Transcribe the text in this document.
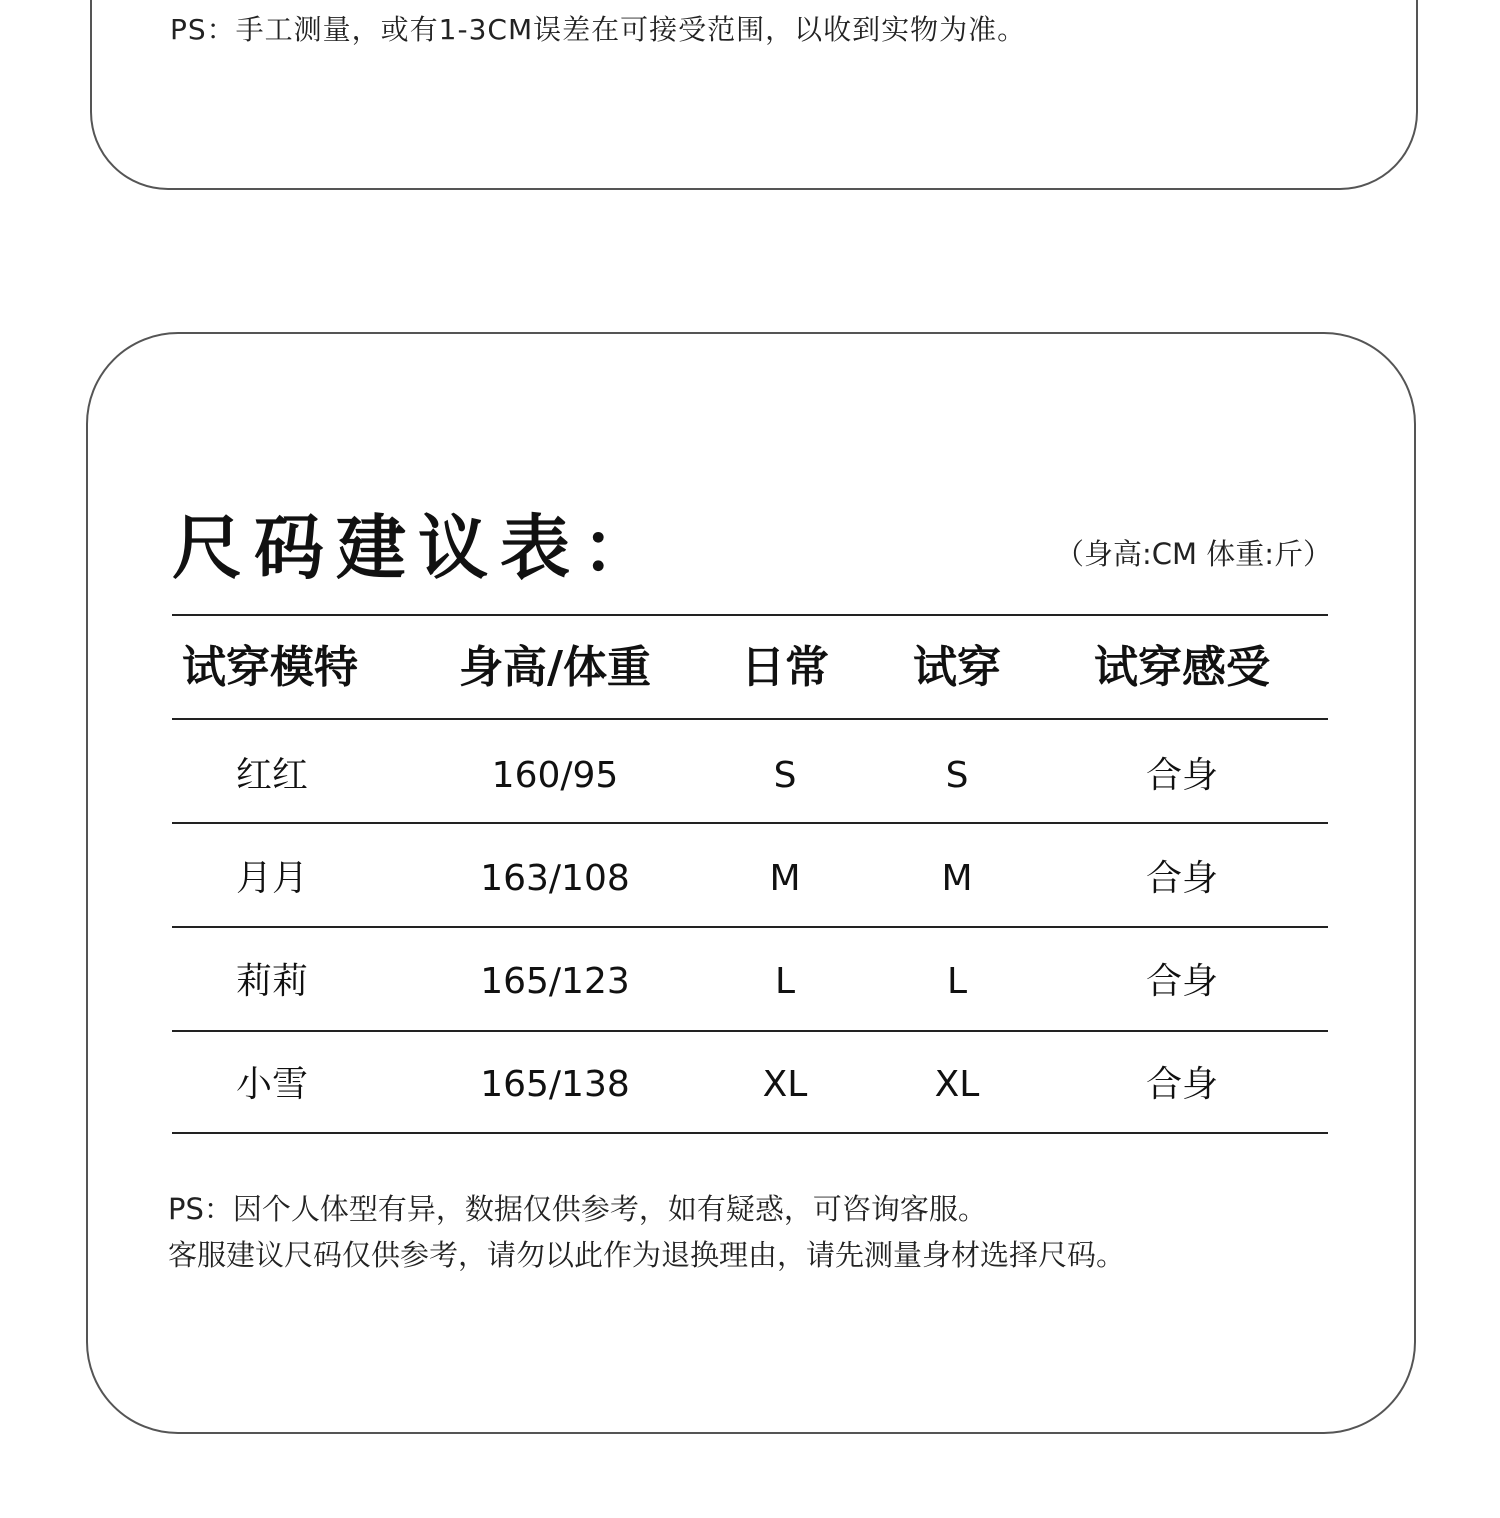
PS：手工测量，或有1-3CM误差在可接受范围，以收到实物为准。
尺码建议表：	（身高:CM 体重:斤）
试穿模特	身高/体重	日常	试穿	试穿感受
红红	160/95	S	S	合身
月月	163/108	M	M	合身
莉莉	165/123	L	L	合身
小雪	165/138	XL	XL	合身
PS：因个人体型有异，数据仅供参考，如有疑惑，可咨询客服。
客服建议尺码仅供参考，请勿以此作为退换理由，请先测量身材选择尺码。
